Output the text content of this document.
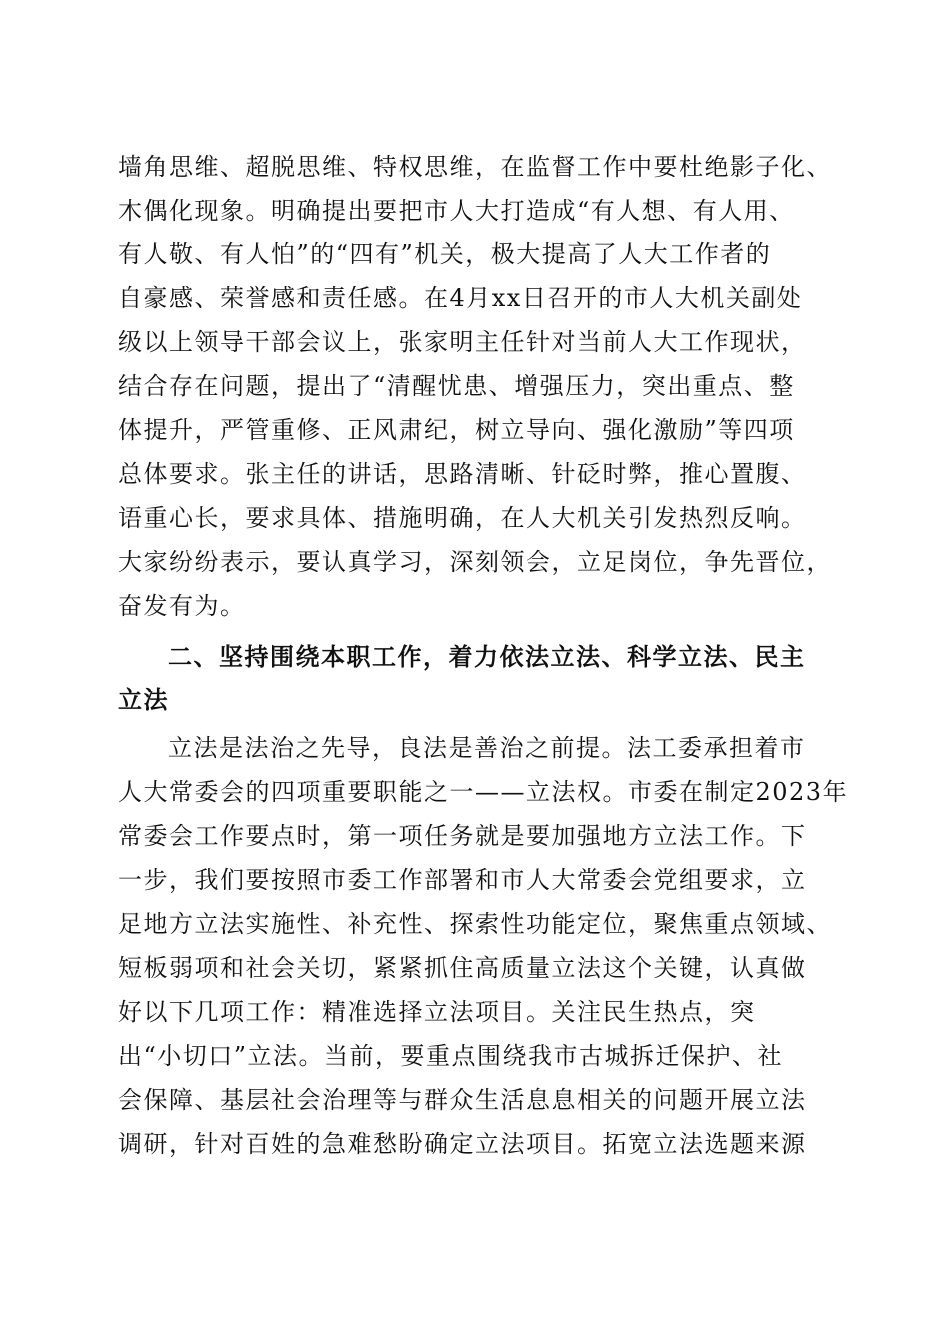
墙角思维、超脱思维、特权思维，在监督工作中要杜绝影子化、
木偶化现象。明确提出要把市人大打造成“有人想、有人用、
有人敬、有人怕”的“四有”机关，极大提高了人大工作者的
自豪感、荣誉感和责任感。在4月xx日召开的市人大机关副处
级以上领导干部会议上，张家明主任针对当前人大工作现状，
结合存在问题，提出了“清醒忧患、增强压力，突出重点、整
体提升，严管重修、正风肃纪，树立导向、强化激励”等四项
总体要求。张主任的讲话，思路清晰、针砭时弊，推心置腹、
语重心长，要求具体、措施明确，在人大机关引发热烈反响。
大家纷纷表示，要认真学习，深刻领会，立足岗位，争先晋位，
奋发有为。
二、坚持围绕本职工作，着力依法立法、科学立法、民主
立法
立法是法治之先导，良法是善治之前提。法工委承担着市
人大常委会的四项重要职能之一——立法权。市委在制定2023年
常委会工作要点时，第一项任务就是要加强地方立法工作。下
一步，我们要按照市委工作部署和市人大常委会党组要求，立
足地方立法实施性、补充性、探索性功能定位，聚焦重点领域、
短板弱项和社会关切，紧紧抓住高质量立法这个关键，认真做
好以下几项工作：精准选择立法项目。关注民生热点，突
出“小切口”立法。当前，要重点围绕我市古城拆迁保护、社
会保障、基层社会治理等与群众生活息息相关的问题开展立法
调研，针对百姓的急难愁盼确定立法项目。拓宽立法选题来源
